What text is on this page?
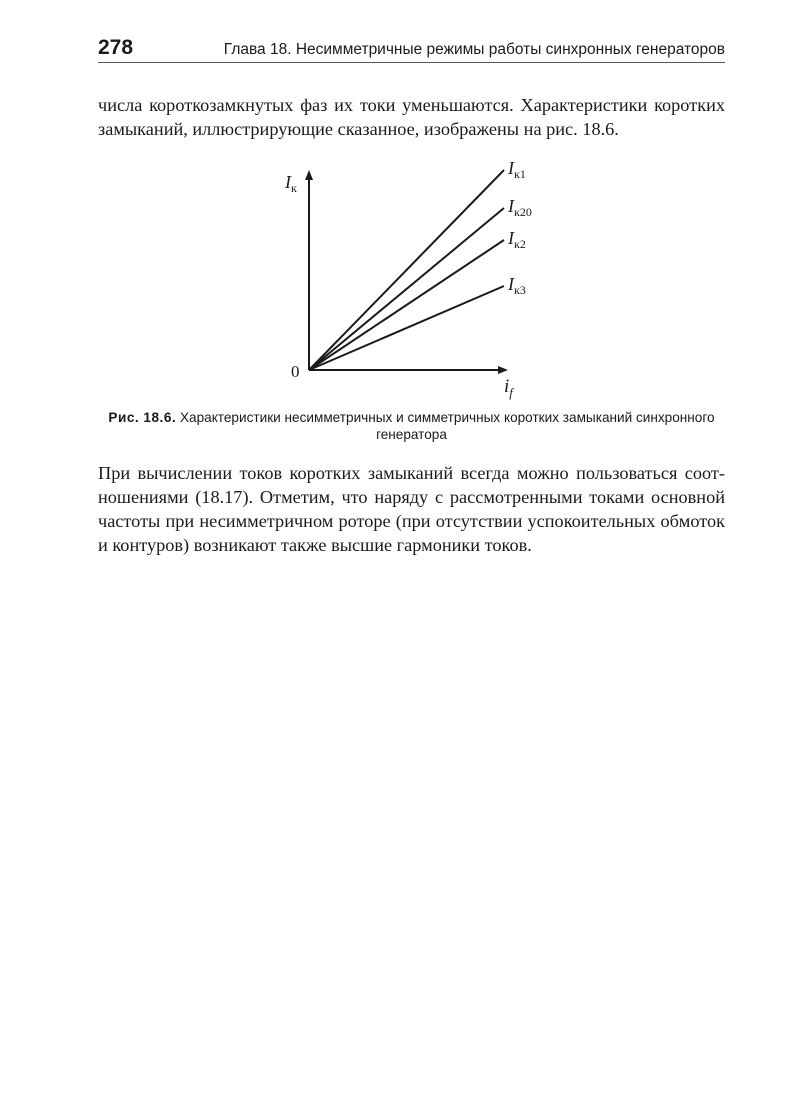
278	Глава 18. Несимметричные режимы работы синхронных генераторов

числа короткозамкнутых фаз их токи уменьшаются. Характеристики коротких
замыканий, иллюстрирующие сказанное, изображены на рис. 18.6.

0
$I_к$
$i_f$
$I_{к1}$
$I_{к20}$
$I_{к2}$
$I_{к3}$
Рис. 18.6. Характеристики несимметричных и симметричных коротких замыканий синхронного генератора

При вычислении токов коротких замыканий всегда можно пользоваться соот-
ношениями (18.17). Отметим, что наряду с рассмотренными токами основной
частоты при несимметричном роторе (при отсутствии успокоительных обмоток
и контуров) возникают также высшие гармоники токов.
